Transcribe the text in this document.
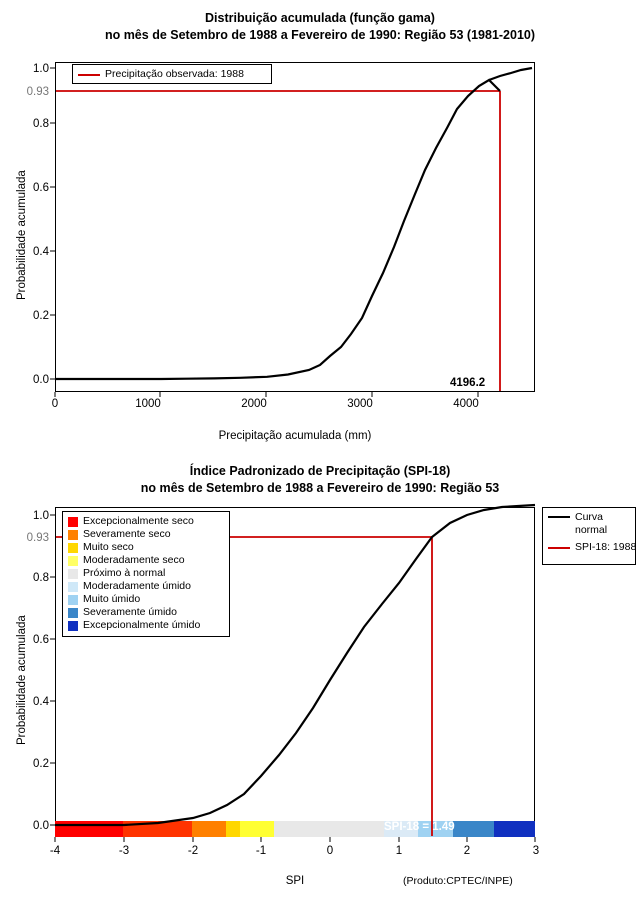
Distribuição acumulada (função gama)
no mês de Setembro de 1988 a Fevereiro de 1990: Região 53 (1981-2010)
Probabilidade acumulada
Precipitação acumulada (mm)
0.0
0.2
0.4
0.6
0.8
1.0
0.93
0	1000	2000	3000	4000
Precipitação observada: 1988
4196.2
Índice Padronizado de Precipitação (SPI-18)
no mês de Setembro de 1988 a Fevereiro de 1990: Região 53
Probabilidade acumulada
SPI
0.0
0.2
0.4
0.6
0.8
1.0
0.93
-4	-3	-2	-1	0	1	2	3
SPI-18 = 1.49
Excepcionalmente seco
Severamente seco
Muito seco
Moderadamente seco
Próximo à normal
Moderadamente úmido
Muito úmido
Severamente úmido
Excepcionalmente úmido
Curva
normal
SPI-18: 1988
(Produto:CPTEC/INPE)
